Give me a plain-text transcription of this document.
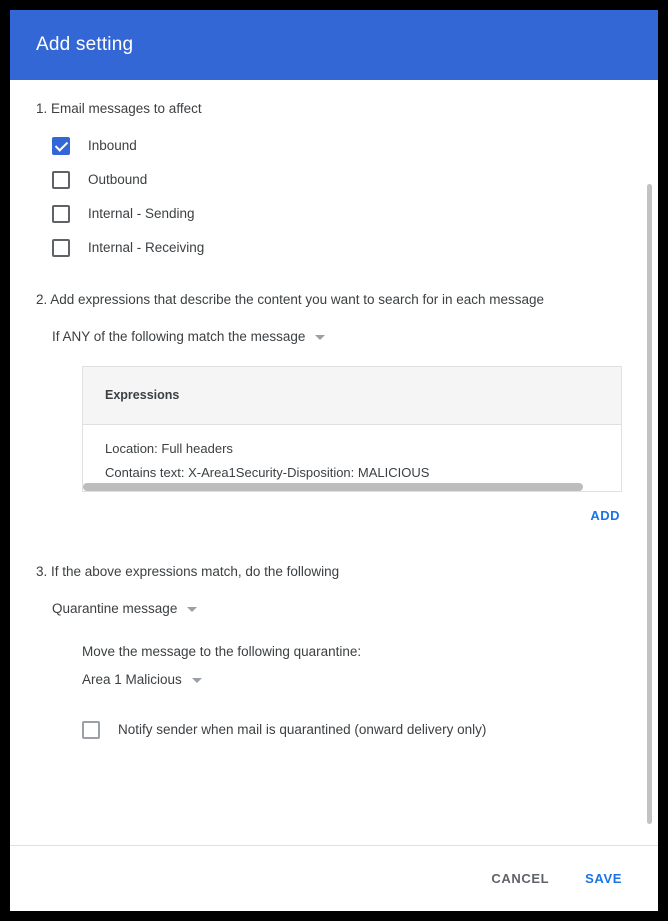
Add setting
1. Email messages to affect
Inbound
Outbound
Internal - Sending
Internal - Receiving
2. Add expressions that describe the content you want to search for in each message
If ANY of the following match the message
Expressions
Location: Full headers
Contains text: X-Area1Security-Disposition: MALICIOUS
ADD
3. If the above expressions match, do the following
Quarantine message
Move the message to the following quarantine:
Area 1 Malicious
Notify sender when mail is quarantined (onward delivery only)
CANCEL	SAVE
